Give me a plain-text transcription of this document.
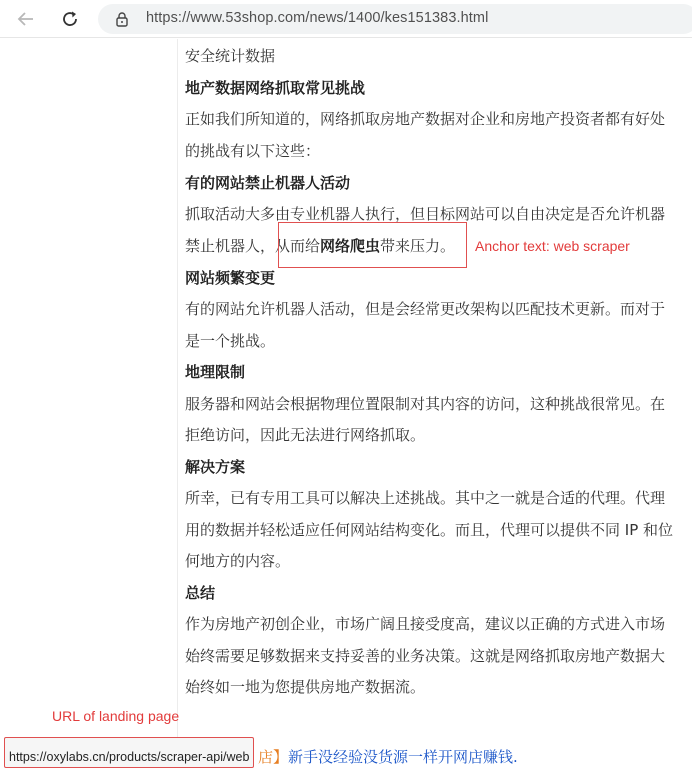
https://www.53shop.com/news/1400/kes151383.html
安全统计数据
地产数据网络抓取常见挑战
正如我们所知道的，网络抓取房地产数据对企业和房地产投资者都有好处
的挑战有以下这些：
有的网站禁止机器人活动
抓取活动大多由专业机器人执行，但目标网站可以自由决定是否允许机器
禁止机器人，从而给网络爬虫带来压力。
网站频繁变更
有的网站允许机器人活动，但是会经常更改架构以匹配技术更新。而对于
是一个挑战。
地理限制
服务器和网站会根据物理位置限制对其内容的访问，这种挑战很常见。在
拒绝访问，因此无法进行网络抓取。
解决方案
所幸，已有专用工具可以解决上述挑战。其中之一就是合适的代理。代理
用的数据并轻松适应任何网站结构变化。而且，代理可以提供不同 IP 和位
何地方的内容。
总结
作为房地产初创企业，市场广阔且接受度高，建议以正确的方式进入市场
始终需要足够数据来支持妥善的业务决策。这就是网络抓取房地产数据大
始终如一地为您提供房地产数据流。
Anchor text: web scraper
URL of landing page
店】新手没经验没货源一样开网店赚钱.
https://oxylabs.cn/products/scraper-api/web
